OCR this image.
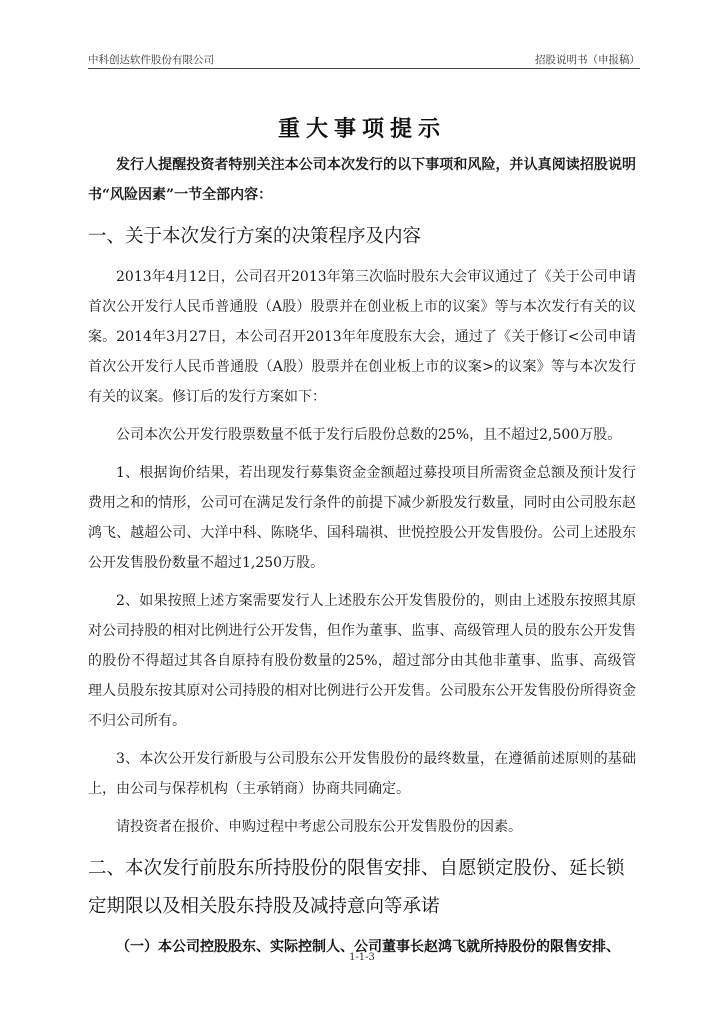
中科创达软件股份有限公司	招股说明书（申报稿）
重大事项提示

发行人提醒投资者特别关注本公司本次发行的以下事项和风险，并认真阅读招股说明书“风险因素”一节全部内容：

一、关于本次发行方案的决策程序及内容

2013年4月12日，公司召开2013年第三次临时股东大会审议通过了《关于公司申请首次公开发行人民币普通股（A股）股票并在创业板上市的议案》等与本次发行有关的议案。2014年3月27日，本公司召开2013年年度股东大会，通过了《关于修订<公司申请首次公开发行人民币普通股（A股）股票并在创业板上市的议案>的议案》等与本次发行有关的议案。修订后的发行方案如下：

公司本次公开发行股票数量不低于发行后股份总数的25%，且不超过2,500万股。

1、根据询价结果，若出现发行募集资金金额超过募投项目所需资金总额及预计发行费用之和的情形，公司可在满足发行条件的前提下减少新股发行数量，同时由公司股东赵鸿飞、越超公司、大洋中科、陈晓华、国科瑞祺、世悦控股公开发售股份。公司上述股东公开发售股份数量不超过1,250万股。

2、如果按照上述方案需要发行人上述股东公开发售股份的，则由上述股东按照其原对公司持股的相对比例进行公开发售，但作为董事、监事、高级管理人员的股东公开发售的股份不得超过其各自原持有股份数量的25%，超过部分由其他非董事、监事、高级管理人员股东按其原对公司持股的相对比例进行公开发售。公司股东公开发售股份所得资金不归公司所有。

3、本次公开发行新股与公司股东公开发售股份的最终数量，在遵循前述原则的基础上，由公司与保荐机构（主承销商）协商共同确定。

请投资者在报价、申购过程中考虑公司股东公开发售股份的因素。

二、本次发行前股东所持股份的限售安排、自愿锁定股份、延长锁定期限以及相关股东持股及减持意向等承诺
（一）本公司控股股东、实际控制人、公司董事长赵鸿飞就所持股份的限售安排、
1-1-3
